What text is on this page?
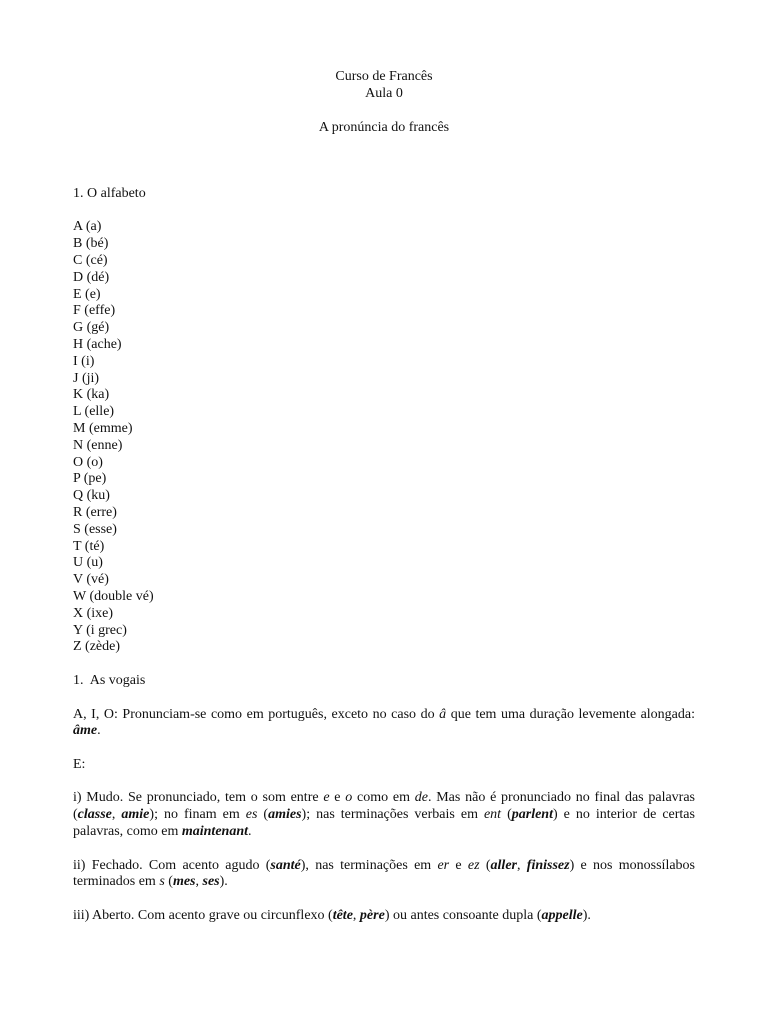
Curso de Francês
Aula 0
A pronúncia do francês
1. O alfabeto
A (a)
B (bé)
C (cé)
D (dé)
E (e)
F (effe)
G (gé)
H (ache)
I (i)
J (ji)
K (ka)
L (elle)
M (emme)
N (enne)
O (o)
P (pe)
Q (ku)
R (erre)
S (esse)
T (té)
U (u)
V (vé)
W (double vé)
X (ixe)
Y (i grec)
Z (zède)
1.  As vogais

A, I, O: Pronunciam-se como em português, exceto no caso do â que tem uma duração levemente alongada: âme.

E:

i) Mudo. Se pronunciado, tem o som entre e e o como em de. Mas não é pronunciado no final das palavras (classe, amie); no finam em es (amies); nas terminações verbais em ent (parlent) e no interior de certas palavras, como em maintenant.

ii) Fechado. Com acento agudo (santé), nas terminações em er e ez (aller, finissez) e nos monossílabos terminados em s (mes, ses).

iii) Aberto. Com acento grave ou circunflexo (tête, père) ou antes consoante dupla (appelle).
